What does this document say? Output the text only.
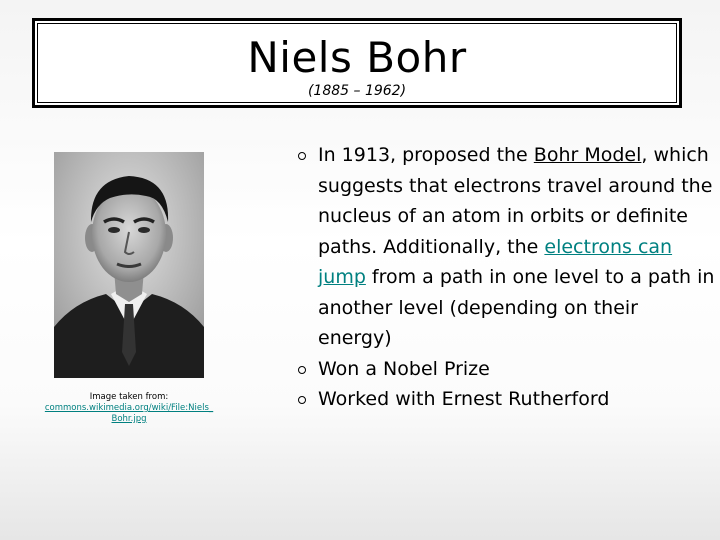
Niels Bohr
(1885 – 1962)
Image taken from:
commons.wikimedia.org/wiki/File:Niels_Bohr.jpg
In 1913, proposed the Bohr Model, which suggests that electrons travel around the nucleus of an atom in orbits or definite paths. Additionally, the electrons can jump from a path in one level to a path in another level (depending on their energy)
Won a Nobel Prize
Worked with Ernest Rutherford
